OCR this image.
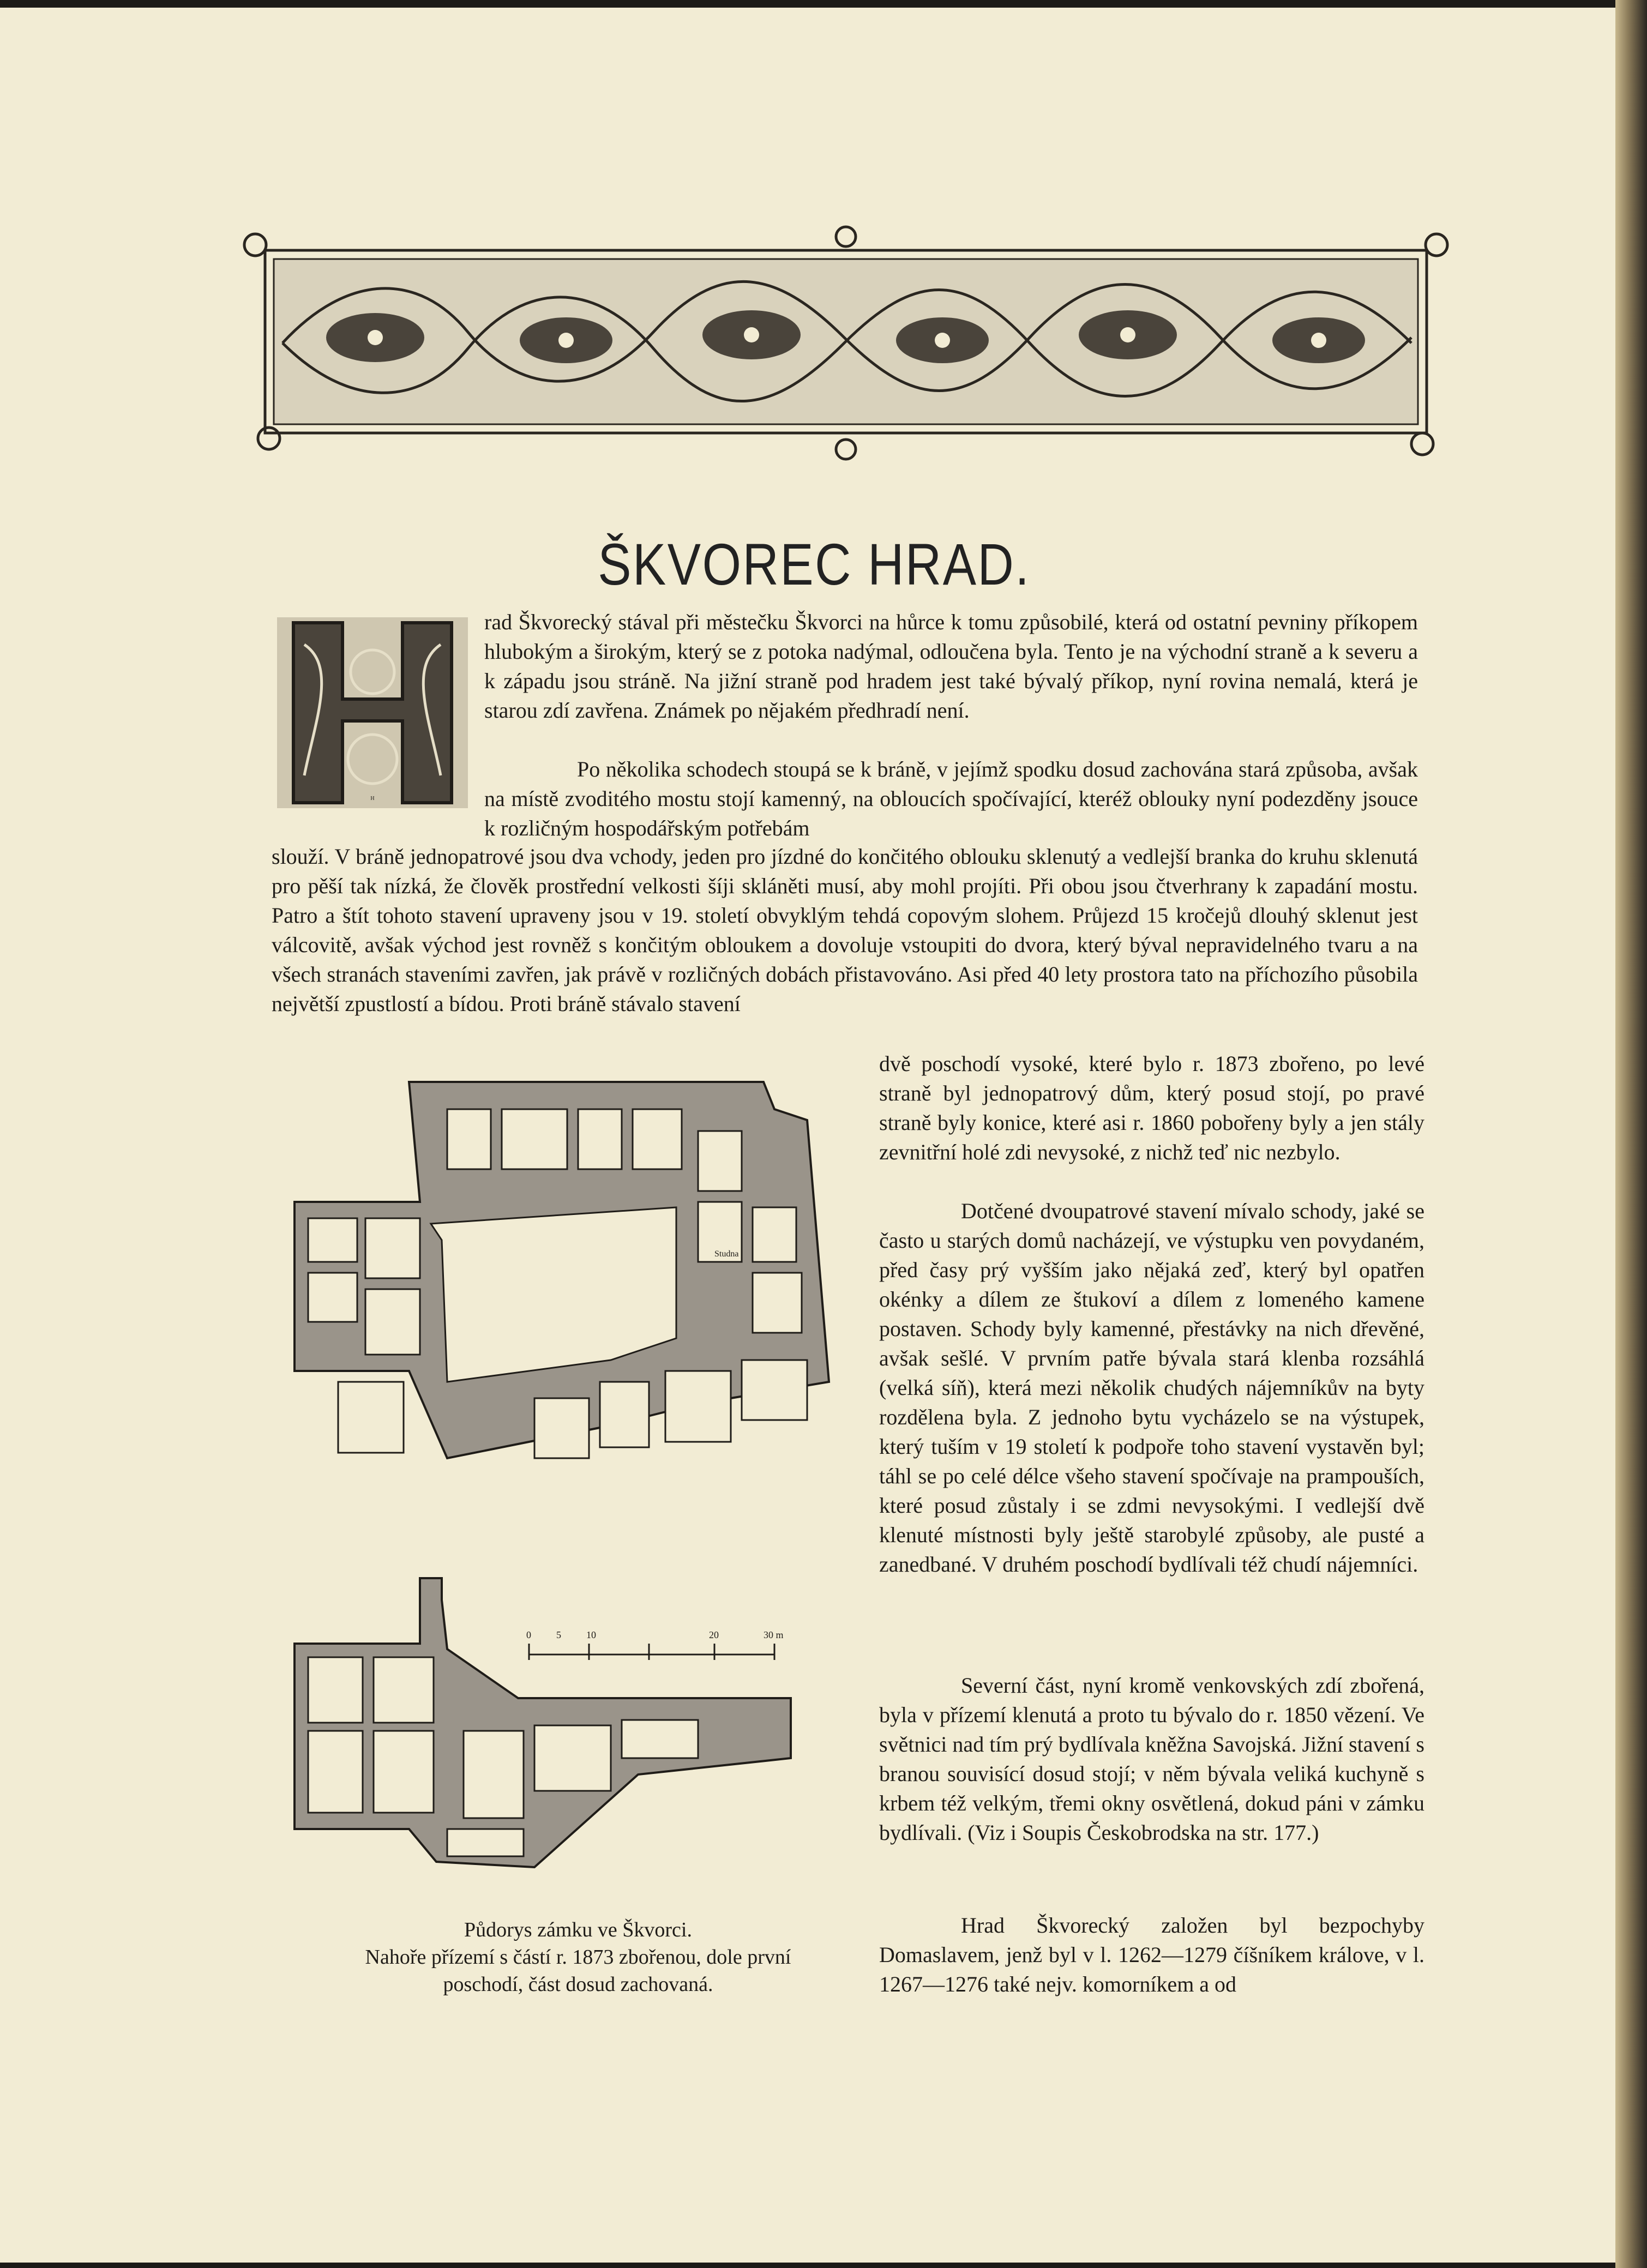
ŠKVOREC HRAD.
H

rad Škvorecký stával při městečku Škvorci na hůrce k tomu způsobilé, která od ostatní pevniny příkopem hlubokým a širokým, který se z potoka nadýmal, odloučena byla. Tento je na východní straně a k severu a k západu jsou stráně. Na jižní straně pod hradem jest také bývalý příkop, nyní rovina nemalá, která je starou zdí zavřena. Známek po nějakém předhradí není.

Po několika schodech stoupá se k bráně, v jejímž spodku dosud zachována stará způsoba, avšak na místě zvoditého mostu stojí kamenný, na obloucích spočívající, kteréž oblouky nyní podezděny jsouce k rozličným hospodářským potřebám

slouží. V bráně jednopatrové jsou dva vchody, jeden pro jízdné do končitého oblouku sklenutý a vedlejší branka do kruhu sklenutá pro pěší tak nízká, že člověk prostřední velkosti šíji skláněti musí, aby mohl projíti. Při obou jsou čtverhrany k zapadání mostu. Patro a štít tohoto stavení upraveny jsou v 19. století obvyklým tehdá copovým slohem. Průjezd 15 kročejů dlouhý sklenut jest válcovitě, avšak východ jest rovněž s končitým obloukem a dovoluje vstoupiti do dvora, který býval nepravidelného tvaru a na všech stranách staveními zavřen, jak právě v rozličných dobách přistavováno. Asi před 40 lety prostora tato na příchozího působila největší zpustlostí a bídou. Proti bráně stávalo stavení

Studna
0	5	10	20	30 m

Půdorys zámku ve Škvorci.

Nahoře přízemí s částí r. 1873 zbořenou, dole první

poschodí, část dosud zachovaná.

dvě poschodí vysoké, které bylo r. 1873 zbořeno, po levé straně byl jednopatrový dům, který posud stojí, po pravé straně byly konice, které asi r. 1860 pobořeny byly a jen stály zevnitřní holé zdi nevysoké, z nichž teď nic nezbylo.

Dotčené dvoupatrové stavení mívalo schody, jaké se často u starých domů nacházejí, ve výstupku ven povydaném, před časy prý vyšším jako nějaká zeď, který byl opatřen okénky a dílem ze štukoví a dílem z lomeného kamene postaven. Schody byly kamenné, přestávky na nich dřevěné, avšak sešlé. V prvním patře bývala stará klenba rozsáhlá (velká síň), která mezi několik chudých nájemníkův na byty rozdělena byla. Z jednoho bytu vycházelo se na výstupek, který tuším v 19 století k podpoře toho stavení vystavěn byl; táhl se po celé délce všeho stavení spočívaje na prampouších, které posud zůstaly i se zdmi nevysokými. I vedlejší dvě klenuté místnosti byly ještě starobylé způsoby, ale pusté a zanedbané. V druhém poschodí bydlívali též chudí nájemníci.

Severní část, nyní kromě venkovských zdí zbořená, byla v přízemí klenutá a proto tu bývalo do r. 1850 vězení. Ve světnici nad tím prý bydlívala kněžna Savojská. Jižní stavení s branou souvisící dosud stojí; v něm bývala veliká kuchyně s krbem též velkým, třemi okny osvětlená, dokud páni v zámku bydlívali. (Viz i Soupis Českobrodska na str. 177.)

Hrad Škvorecký založen byl bezpochyby Domaslavem, jenž byl v l. 1262—1279 číšníkem králove, v l. 1267—1276 také nejv. komorníkem a od
